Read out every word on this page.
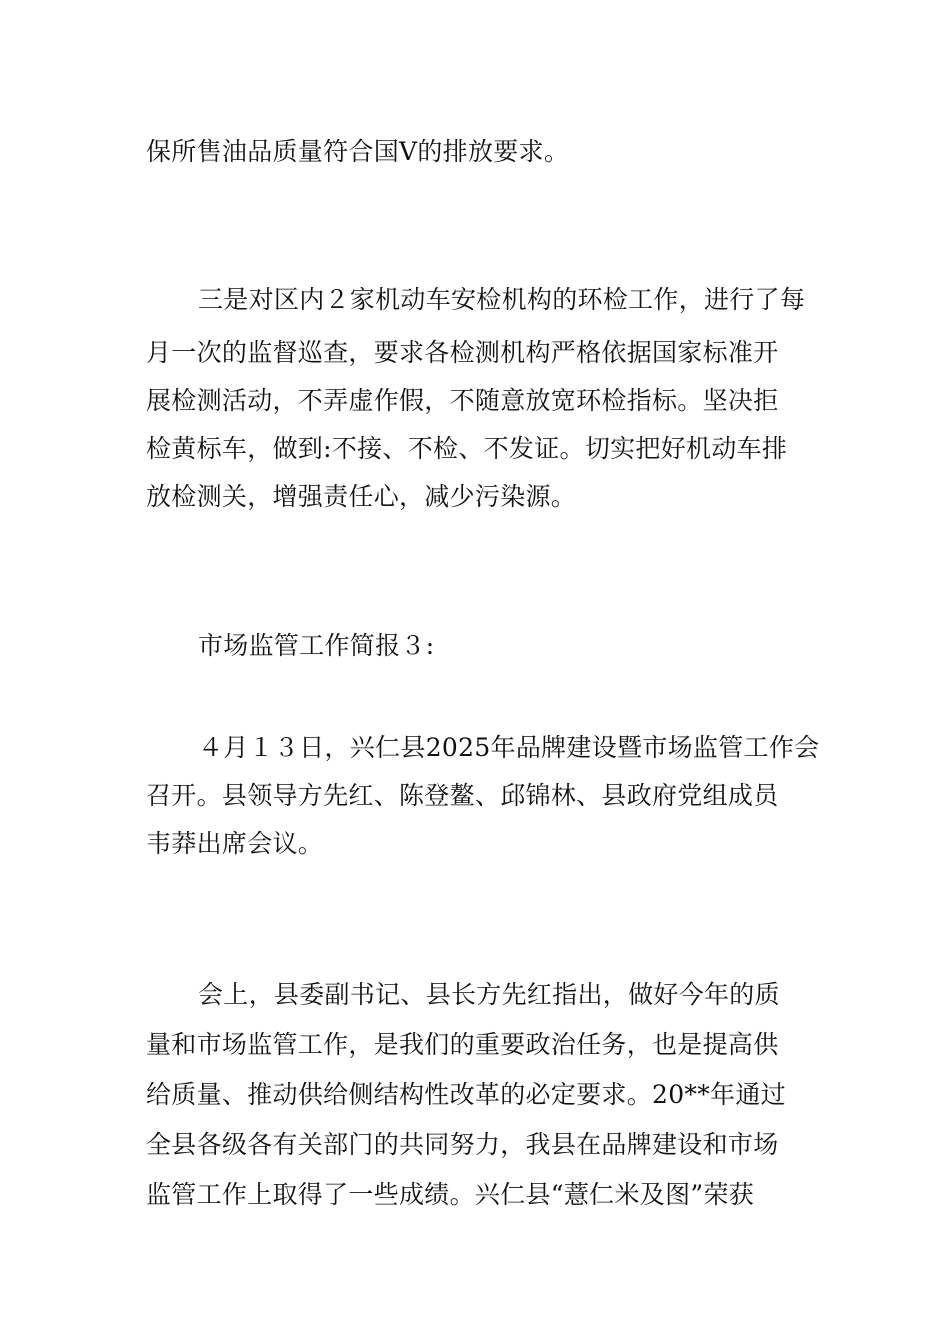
保所售油品质量符合国Ⅴ的排放要求。
三是对区内２家机动车安检机构的环检工作，进行了每
月一次的监督巡查，要求各检测机构严格依据国家标准开
展检测活动，不弄虚作假，不随意放宽环检指标。坚决拒
检黄标车，做到:不接、不检、不发证。切实把好机动车排
放检测关，增强责任心，减少污染源。
市场监管工作简报３:
４月１３日，兴仁县2025年品牌建设暨市场监管工作会
召开。县领导方先红、陈登鳌、邱锦林、县政府党组成员
韦莽出席会议。
会上，县委副书记、县长方先红指出，做好今年的质
量和市场监管工作，是我们的重要政治任务，也是提高供
给质量、推动供给侧结构性改革的必定要求。20**年通过
全县各级各有关部门的共同努力，我县在品牌建设和市场
监管工作上取得了一些成绩。兴仁县“薏仁米及图”荣获
